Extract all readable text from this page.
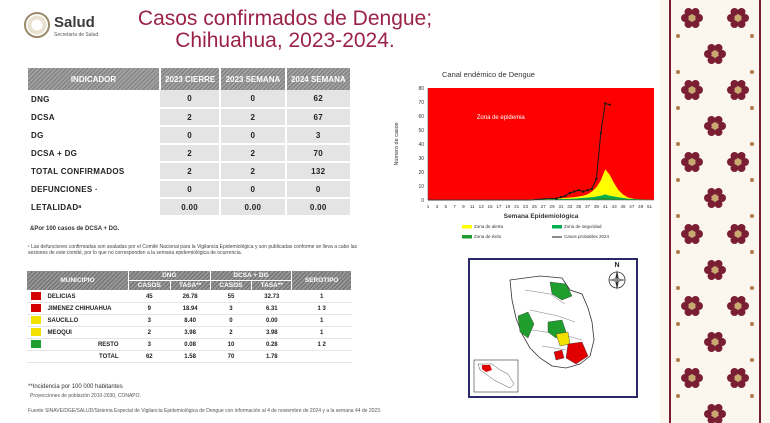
Salud
Secretaría de Salud
Casos confirmados de Dengue;
Chihuahua, 2023-2024.
INDICADOR	2023 CIERRE	2023 SEMANA	2024 SEMANA
DNG	0	0	62
DCSA	2	2	67
DG	0	0	3
DCSA + DG	2	2	70
TOTAL CONFIRMADOS	2	2	132
DEFUNCIONES ·	0	0	0
LETALIDADᵃ	0.00	0.00	0.00
&Por 100 casos de DCSA + DG.
¹ Las defunciones confirmadas son avaladas por el Comité Nacional para la Vigilancia Epidemiológica y son publicadas conforme se lleva a cabo las sesiones de este comité, por lo que no corresponden a la semana epidemiológica de ocurrencia.
MUNICIPIO		DNG		DCSA + DG		SEROTIPO
		CASOS	TASA**	CASOS	TASA**	
	DELICIAS	45	26.78	55	32.73	1
	JIMENEZ CHIHUAHUA	9	18.94	3	6.31	1 3
	SAUCILLO	3	8.40	0	0.00	1
	MEOQUI	2	3.98	2	3.98	1
	RESTO	3	0.08	10	0.28	1 2
	TOTAL	62	1.58	70	1.78	
**Incidencia por 100 000 habitantes
Proyecciones de población 2010-2030, CONAPO.
Fuente SINAVE/DGE/SALUD/Sistema Especial de Vigilancia Epidemiológica de Dengue con información al 4 de noviembre de 2024 y a la semana 44 de 2023.
Canal endémico de Dengue
0
10
20
30
40
50
60
70
80
1 3 5 7 9 11 13 15 17 19 21 23 25 27 29 31 33 35 37 39 41 43 45 47 49 51
Semana Epidemiológica
Número de casos
Zona de epidemia
Zona de alerta	Zona de seguridad
Zona de éxito	Casos probables 2024
N
